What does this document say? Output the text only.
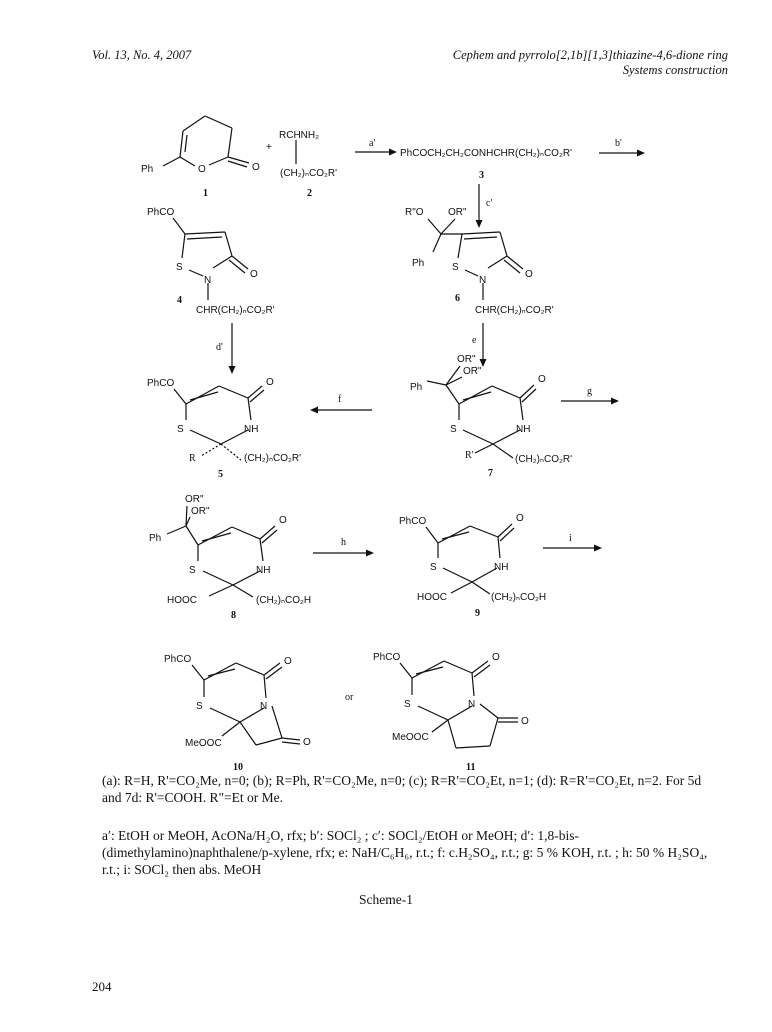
Vol. 13, No. 4, 2007	Cephem and pyrrolo[2,1b][1,3]thiazine-4,6-dione ring
Systems construction
Ph	O	O
1
+
RCHNH₂
(CH₂)ₙCO₂R'
2
a'
PhCOCH₂CH₂CONHCHR(CH₂)ₙCO₂R'
3
b'
c'
PhCO
S
N
O
4
CHR(CH₂)ₙCO₂R'
d'
R"O OR"
Ph	S
N
O
6
CHR(CH₂)ₙCO₂R'
e
PhCO	O
S	NH
R	(CH₂)ₙCO₂R'
5
f
OR"
OR"
Ph
O
S	NH
R'	(CH₂)ₙCO₂R'
7
g
OR"
OR"
Ph
O
S	NH
HOOC	(CH₂)ₙCO₂H
8
h
PhCO	O
S	NH
HOOC	(CH₂)ₙCO₂H
9
i
PhCO	O
S	N
O
MeOOC
10
or
PhCO	O
S	N
O
MeOOC
11
(a): R=H, R'=CO₂Me, n=0; (b); R=Ph, R'=CO₂Me, n=0; (c); R=R'=CO₂Et, n=1; (d): R=R'=CO₂Et, n=2. For 5d and 7d: R'=COOH. R"=Et or Me.
a′: EtOH or MeOH, AcONa/H₂O, rfx; b′: SOCl₂ ; c′: SOCl₂/EtOH or MeOH; d′: 1,8-bis-(dimethylamino)naphthalene/p-xylene, rfx; e: NaH/C₆H₆, r.t.; f: c.H₂SO₄, r.t.; g: 5 % KOH, r.t. ; h: 50 % H₂SO₄, r.t.; i: SOCl₂ then abs. MeOH
Scheme-1
204
